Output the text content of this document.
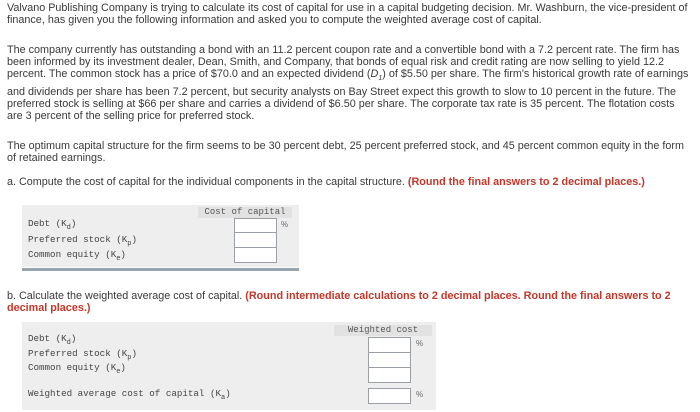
Valvano Publishing Company is trying to calculate its cost of capital for use in a capital budgeting decision. Mr. Washburn, the vice-president of finance, has given you the following information and asked you to compute the weighted average cost of capital.

The company currently has outstanding a bond with an 11.2 percent coupon rate and a convertible bond with a 7.2 percent rate. The firm has been informed by its investment dealer, Dean, Smith, and Company, that bonds of equal risk and credit rating are now selling to yield 12.2 percent. The common stock has a price of $70.0 and an expected dividend $(D_1)$ of $5.50 per share. The firm's historical growth rate of earnings and dividends per share has been 7.2 percent, but security analysts on Bay Street expect this growth to slow to 10 percent in the future. The preferred stock is selling at $66 per share and carries a dividend of $6.50 per share. The corporate tax rate is 35 percent. The flotation costs are 3 percent of the selling price for preferred stock.

The optimum capital structure for the firm seems to be 30 percent debt, 25 percent preferred stock, and 45 percent common equity in the form of retained earnings.

a. Compute the cost of capital for the individual components in the capital structure. (Round the final answers to 2 decimal places.)

Cost of capital
Debt $(K_d)$	%
Preferred stock $(K_p)$
Common equity $(K_e)$

b. Calculate the weighted average cost of capital. (Round intermediate calculations to 2 decimal places. Round the final answers to 2 decimal places.)

Weighted cost
Debt $(K_d)$	%
Preferred stock $(K_p)$
Common equity $(K_e)$
Weighted average cost of capital $(K_a)$	%
